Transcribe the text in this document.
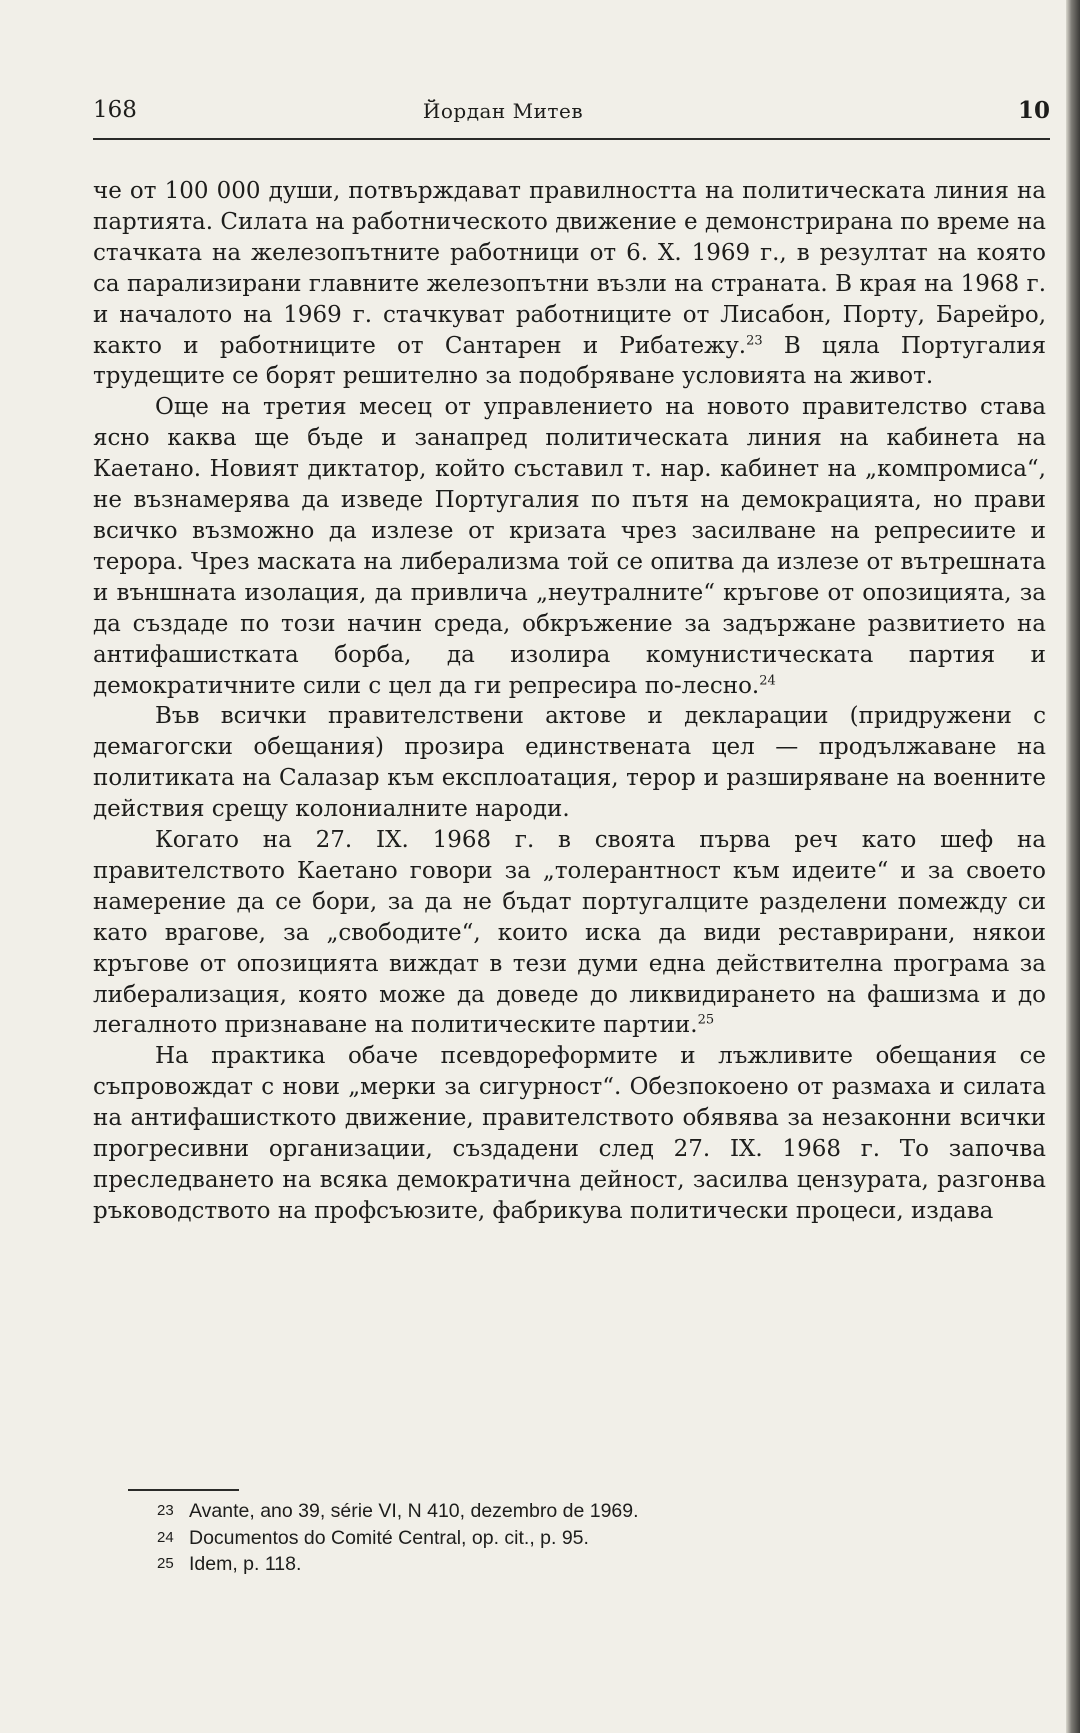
168	Йордан Митев	10

че от 100 000 души, потвърждават правилността на политическата линия на партията. Силата на работническото движение е демонстрирана по време на стачката на железопътните работници от 6. X. 1969 г., в резултат на която са парализирани главните железопътни възли на страната. В края на 1968 г. и началото на 1969 г. стачкуват работниците от Лисабон, Порту, Барейро, както и работниците от Сантарен и Рибатежу.$^{23}$ В цяла Португалия трудещите се борят решително за подобряване условията на живот.

Още на третия месец от управлението на новото правителство става ясно каква ще бъде и занапред политическата линия на кабинета на Каетано. Новият диктатор, който съставил т. нар. кабинет на „компромиса“, не възнамерява да изведе Португалия по пътя на демокрацията, но прави всичко възможно да излезе от кризата чрез засилване на репресиите и терора. Чрез маската на либерализма той се опитва да излезе от вътрешната и външната изолация, да привлича „неутралните“ кръгове от опозицията, за да създаде по този начин среда, обкръжение за задържане развитието на антифашистката борба, да изолира комунистическата партия и демократичните сили с цел да ги репресира по-лесно.$^{24}$

Във всички правителствени актове и декларации (придружени с демагогски обещания) прозира единствената цел — продължаване на политиката на Салазар към експлоатация, терор и разширяване на военните действия срещу колониалните народи.

Когато на 27. IX. 1968 г. в своята първа реч като шеф на правителството Каетано говори за „толерантност към идеите“ и за своето намерение да се бори, за да не бъдат португалците разделени помежду си като врагове, за „свободите“, които иска да види реставрирани, някои кръгове от опозицията виждат в тези думи една действителна програма за либерализация, която може да доведе до ликвидирането на фашизма и до легалното признаване на политическите партии.$^{25}$

На практика обаче псевдореформите и лъжливите обещания се съпровождат с нови „мерки за сигурност“. Обезпокоено от размаха и силата на антифашисткото движение, правителството обявява за незаконни всички прогресивни организации, създадени след 27. IX. 1968 г. То започва преследването на всяка демократична дейност, засилва цензурата, разгонва ръководството на профсъюзите, фабрикува политически процеси, издава

23 Avante, ano 39, série VI, N 410, dezembro de 1969.
24 Documentos do Comité Central, op. cit., p. 95.
25 Idem, p. 118.
